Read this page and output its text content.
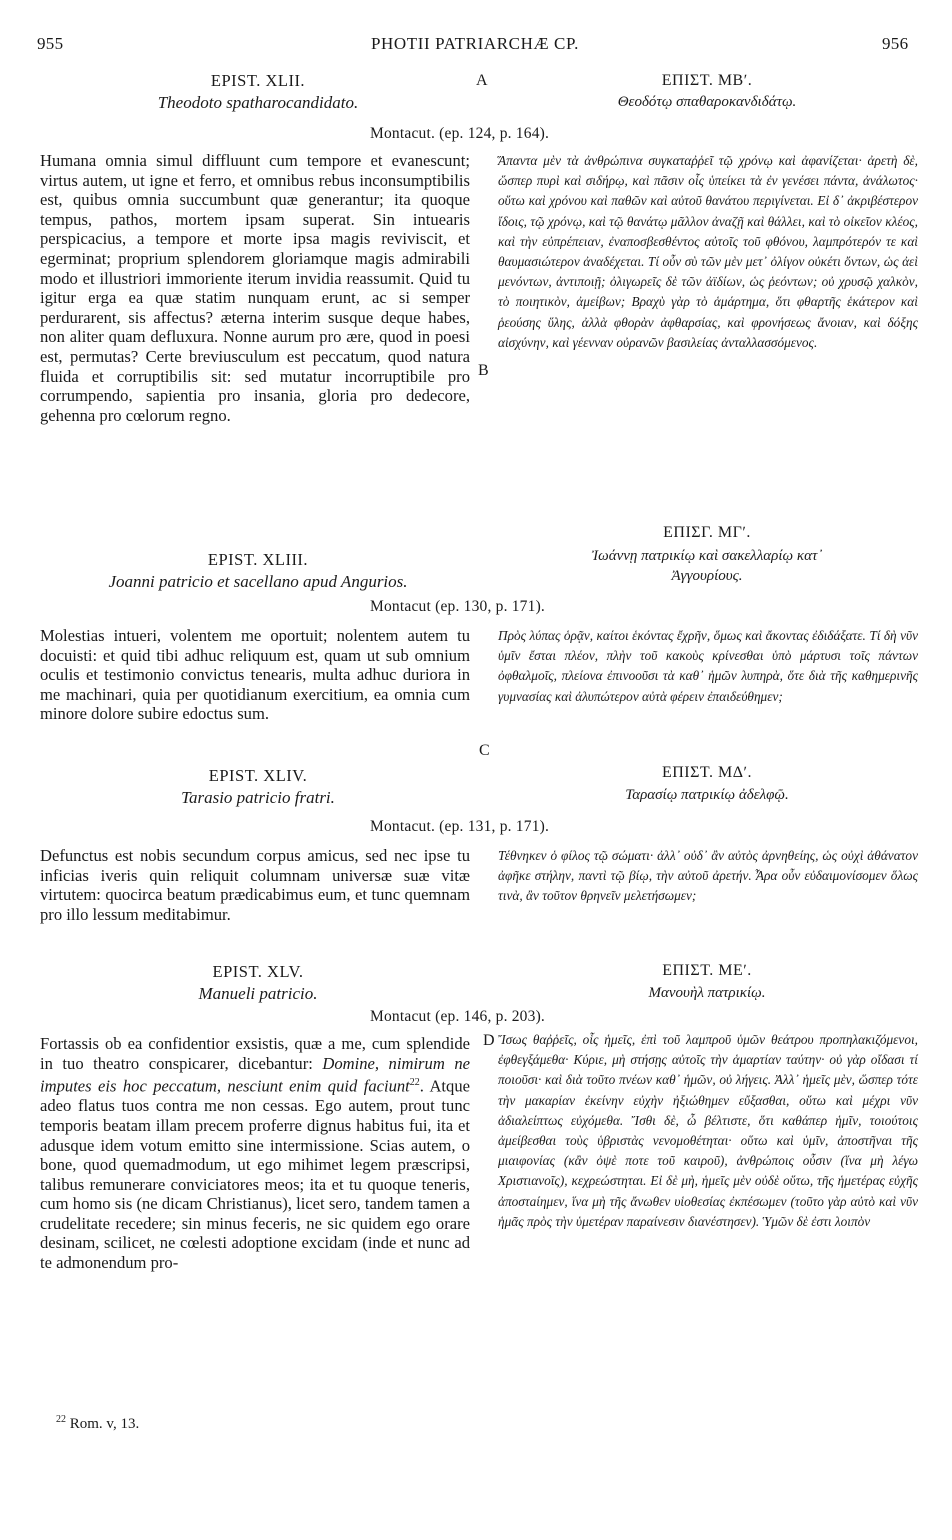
955	PHOTII PATRIARCHÆ CP.	956
A
B
C
D
EPIST. XLII.
Theodoto spatharocandidato.
ΕΠΙΣΤ. ΜΒʹ.
Θεοδότῳ σπαθαροκανδιδάτῳ.
Montacut. (ep. 124, p. 164).
Humana omnia simul diffluunt cum tempore et evanescunt; virtus autem, ut igne et ferro, et omnibus rebus inconsumptibilis est, quibus omnia succumbunt quæ generantur; ita quoque tempus, pathos, mortem ipsam superat. Sin intuearis perspicacius, a tempore et morte ipsa magis reviviscit, et egerminat; proprium splendorem gloriamque magis admirabili modo et illustriori immoriente iterum invidia reassumit. Quid tu igitur erga ea quæ statim nunquam erunt, ac si semper perdurarent, sis affectus? æterna interim susque deque habes, non aliter quam defluxura. Nonne aurum pro ære, quod in poesi est, permutas? Certe breviusculum est peccatum, quod natura fluida et corruptibilis sit: sed mutatur incorruptibile pro corrumpendo, sapientia pro insania, gloria pro dedecore, gehenna pro cœlorum regno.
Ἅπαντα μὲν τὰ ἀνθρώπινα συγκαταῤῥεῖ τῷ χρόνῳ καὶ ἀφανίζεται· ἀρετὴ δὲ, ὥσπερ πυρὶ καὶ σιδήρῳ, καὶ πᾶσιν οἷς ὑπείκει τὰ ἐν γενέσει πάντα, ἀνάλωτος· οὕτω καὶ χρόνου καὶ παθῶν καὶ αὐτοῦ θανάτου περιγίνεται. Εἰ δ᾽ ἀκριβέστερον ἴδοις, τῷ χρόνῳ, καὶ τῷ θανάτῳ μᾶλλον ἀναζῇ καὶ θάλλει, καὶ τὸ οἰκεῖον κλέος, καὶ τὴν εὐπρέπειαν, ἐναποσβεσθέντος αὐτοῖς τοῦ φθόνου, λαμπρότερόν τε καὶ θαυμασιώτερον ἀναδέχεται. Τί οὖν σὺ τῶν μὲν μετ᾽ ὀλίγον οὐκέτι ὄντων, ὡς ἀεὶ μενόντων, ἀντιποιῇ; ὀλιγωρεῖς δὲ τῶν ἀϊδίων, ὡς ῥεόντων; οὐ χρυσῷ χαλκὸν, τὸ ποιητικὸν, ἀμείβων; Βραχὺ γὰρ τὸ ἁμάρτημα, ὅτι φθαρτῆς ἑκάτερον καὶ ῥεούσης ὕλης, ἀλλὰ φθορὰν ἀφθαρσίας, καὶ φρονήσεως ἄνοιαν, καὶ δόξης αἰσχύνην, καὶ γέενναν οὐρανῶν βασιλείας ἀνταλλασσόμενος.
EPIST. XLIII.
Joanni patricio et sacellano apud Angurios.
ΕΠΙΣΓ. ΜΓʹ.
Ἰωάννῃ πατρικίῳ καὶ σακελλαρίῳ κατ᾽
Ἀγγουρίους.
Montacut (ep. 130, p. 171).
Molestias intueri, volentem me oportuit; nolentem autem tu docuisti: et quid tibi adhuc reliquum est, quam ut sub omnium oculis et testimonio convictus tenearis, multa adhuc duriora in me machinari, quia per quotidianum exercitium, ea omnia cum minore dolore subire edoctus sum.
Πρὸς λύπας ὁρᾷν, καίτοι ἑκόντας ἔχρῆν, ὅμως καὶ ἄκοντας ἐδιδάξατε. Τί δὴ νῦν ὑμῖν ἔσται πλέον, πλὴν τοῦ κακοὺς κρίνεσθαι ὑπὸ μάρτυσι τοῖς πάντων ὀφθαλμοῖς, πλείονα ἐπινοοῦσι τὰ καθ᾽ ἡμῶν λυπηρὰ, ὅτε διὰ τῆς καθημερινῆς γυμνασίας καὶ ἀλυπώτερον αὐτὰ φέρειν ἐπαιδεύθημεν;
EPIST. XLIV.
Tarasio patricio fratri.
ΕΠΙΣΤ. ΜΔʹ.
Ταρασίῳ πατρικίῳ ἀδελφῷ.
Montacut. (ep. 131, p. 171).
Defunctus est nobis secundum corpus amicus, sed nec ipse tu inficias iveris quin reliquit columnam universæ suæ vitæ virtutem: quocirca beatum prædicabimus eum, et tunc quemnam pro illo lessum meditabimur.
Τέθνηκεν ὁ φίλος τῷ σώματι· ἀλλ᾽ οὐδ᾽ ἂν αὐτὸς ἀρνηθείης, ὡς οὐχὶ ἀθάνατον ἀφῆκε στήλην, παντὶ τῷ βίῳ, τὴν αὐτοῦ ἀρετήν. Ἆρα οὖν εὐδαιμονίσομεν ὅλως τινὰ, ἂν τοῦτον θρηνεῖν μελετήσωμεν;
EPIST. XLV.
Manueli patricio.
ΕΠΙΣΤ. ΜΕʹ.
Μανουὴλ πατρικίῳ.
Montacut (ep. 146, p. 203).
Fortassis ob ea confidentior exsistis, quæ a me, cum splendide in tuo theatro conspicarer, dicebantur: Domine, nimirum ne imputes eis hoc peccatum, nesciunt enim quid faciunt$^{22}$. Atque adeo flatus tuos contra me non cessas. Ego autem, prout tunc temporis beatam illam precem proferre dignus habitus fui, ita et adusque idem votum emitto sine intermissione. Scias autem, o bone, quod quemadmodum, ut ego mihimet legem præscripsi, talibus remunerare conviciatores meos; ita et tu quoque teneris, cum homo sis (ne dicam Christianus), licet sero, tandem tamen a crudelitate recedere; sin minus feceris, ne sic quidem ego orare desinam, scilicet, ne cœlesti adoptione excidam (inde et nunc ad te admonendum pro-
Ἴσως θαῤῥεῖς, οἷς ἡμεῖς, ἐπὶ τοῦ λαμπροῦ ὑμῶν θεάτρου προπηλακιζόμενοι, ἐφθεγξάμεθα· Κύριε, μὴ στήσῃς αὐτοῖς τὴν ἁμαρτίαν ταύτην· οὐ γὰρ οἴδασι τί ποιοῦσι· καὶ διὰ τοῦτο πνέων καθ᾽ ἡμῶν, οὐ λήγεις. Ἀλλ᾽ ἡμεῖς μὲν, ὥσπερ τότε τὴν μακαρίαν ἐκείνην εὐχὴν ἠξιώθημεν εὔξασθαι, οὕτω καὶ μέχρι νῦν ἀδιαλείπτως εὐχόμεθα. Ἴσθι δὲ, ὦ βέλτιστε, ὅτι καθάπερ ἡμῖν, τοιούτοις ἀμείβεσθαι τοὺς ὑβριστὰς νενομοθέτηται· οὕτω καὶ ὑμῖν, ἀποστῆναι τῆς μιαιφονίας (κἂν ὀψὲ ποτε τοῦ καιροῦ), ἀνθρώποις οὖσιν (ἵνα μὴ λέγω Χριστιανοῖς), κεχρεώστηται. Εἰ δὲ μὴ, ἡμεῖς μὲν οὐδὲ οὕτω, τῆς ἡμετέρας εὐχῆς ἀποστaίημεν, ἵνα μὴ τῆς ἄνωθεν υἱοθεσίας ἐκπέσωμεν (τοῦτο γὰρ αὐτὸ καὶ νῦν ἡμᾶς πρὸς τὴν ὑμετέραν παραίνεσιν διανέστησεν). Ὑμῶν δὲ ἐστι λοιπὸν
$^{22}$ Rom. v, 13.
